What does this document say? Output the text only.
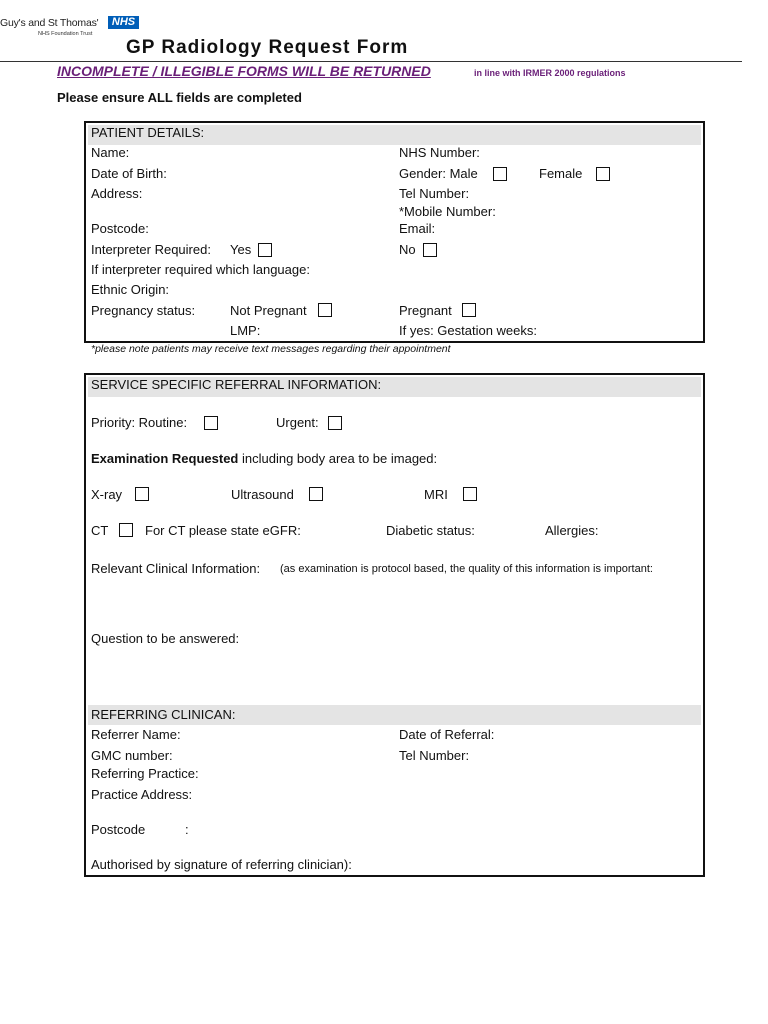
Guy's and St Thomas'	NHS
NHS Foundation Trust
GP Radiology Request Form
INCOMPLETE / ILLEGIBLE FORMS WILL BE RETURNED	in line with IRMER 2000 regulations
Please ensure ALL fields are completed
PATIENT DETAILS:
Name:	NHS Number:
Date of Birth:	Gender: Male	Female
Address:	Tel Number:
*Mobile Number:
Postcode:	Email:
Interpreter Required: Yes	No
If interpreter required which language:
Ethnic Origin:
Pregnancy status:	Not Pregnant	Pregnant
LMP:	If yes: Gestation weeks:
*please note patients may receive text messages regarding their appointment
SERVICE SPECIFIC REFERRAL INFORMATION:
Priority: Routine:	Urgent:
Examination Requested including body area to be imaged:
X-ray	Ultrasound	MRI
CT	For CT please state eGFR:	Diabetic status:	Allergies:
Relevant Clinical Information: (as examination is protocol based, the quality of this information is important:
Question to be answered:
REFERRING CLINICAN:
Referrer Name:	Date of Referral:
GMC number:	Tel Number:
Referring Practice:
Practice Address:
Postcode	:
Authorised by signature of referring clinician):
